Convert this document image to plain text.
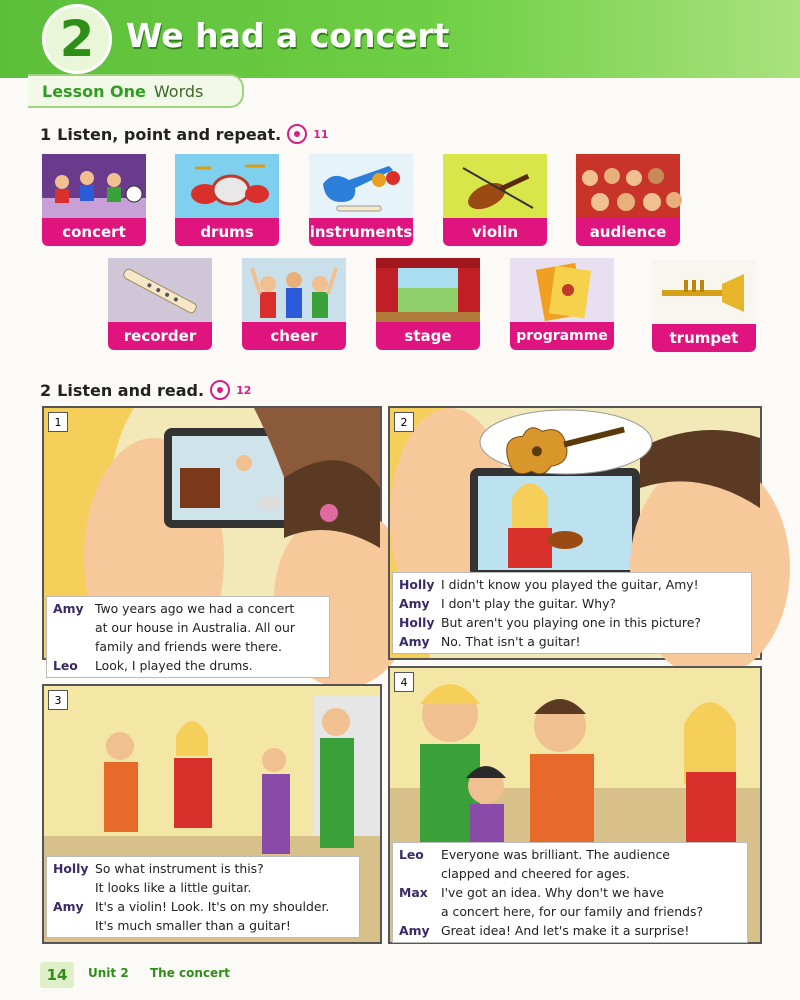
2 We had a concert
Lesson One Words
1 Listen, point and repeat.	11
concert	drums	instruments	violin	audience
recorder	cheer	stage	programme	trumpet
2 Listen and read.	12
1
Amy Two years ago we had a concert
at our house in Australia. All our
family and friends were there.
Leo	Look, I played the drums.
2
Holly I didn't know you played the guitar, Amy!
Amy I don't play the guitar. Why?
Holly But aren't you playing one in this picture?
Amy No. That isn't a guitar!
3
Holly So what instrument is this?
It looks like a little guitar.
Amy It's a violin! Look. It's on my shoulder.
It's much smaller than a guitar!
4
Leo	Everyone was brilliant. The audience
clapped and cheered for ages.
Max	I've got an idea. Why don't we have
a concert here, for our family and friends?
Amy Great idea! And let's make it a surprise!
14	Unit 2 The concert
